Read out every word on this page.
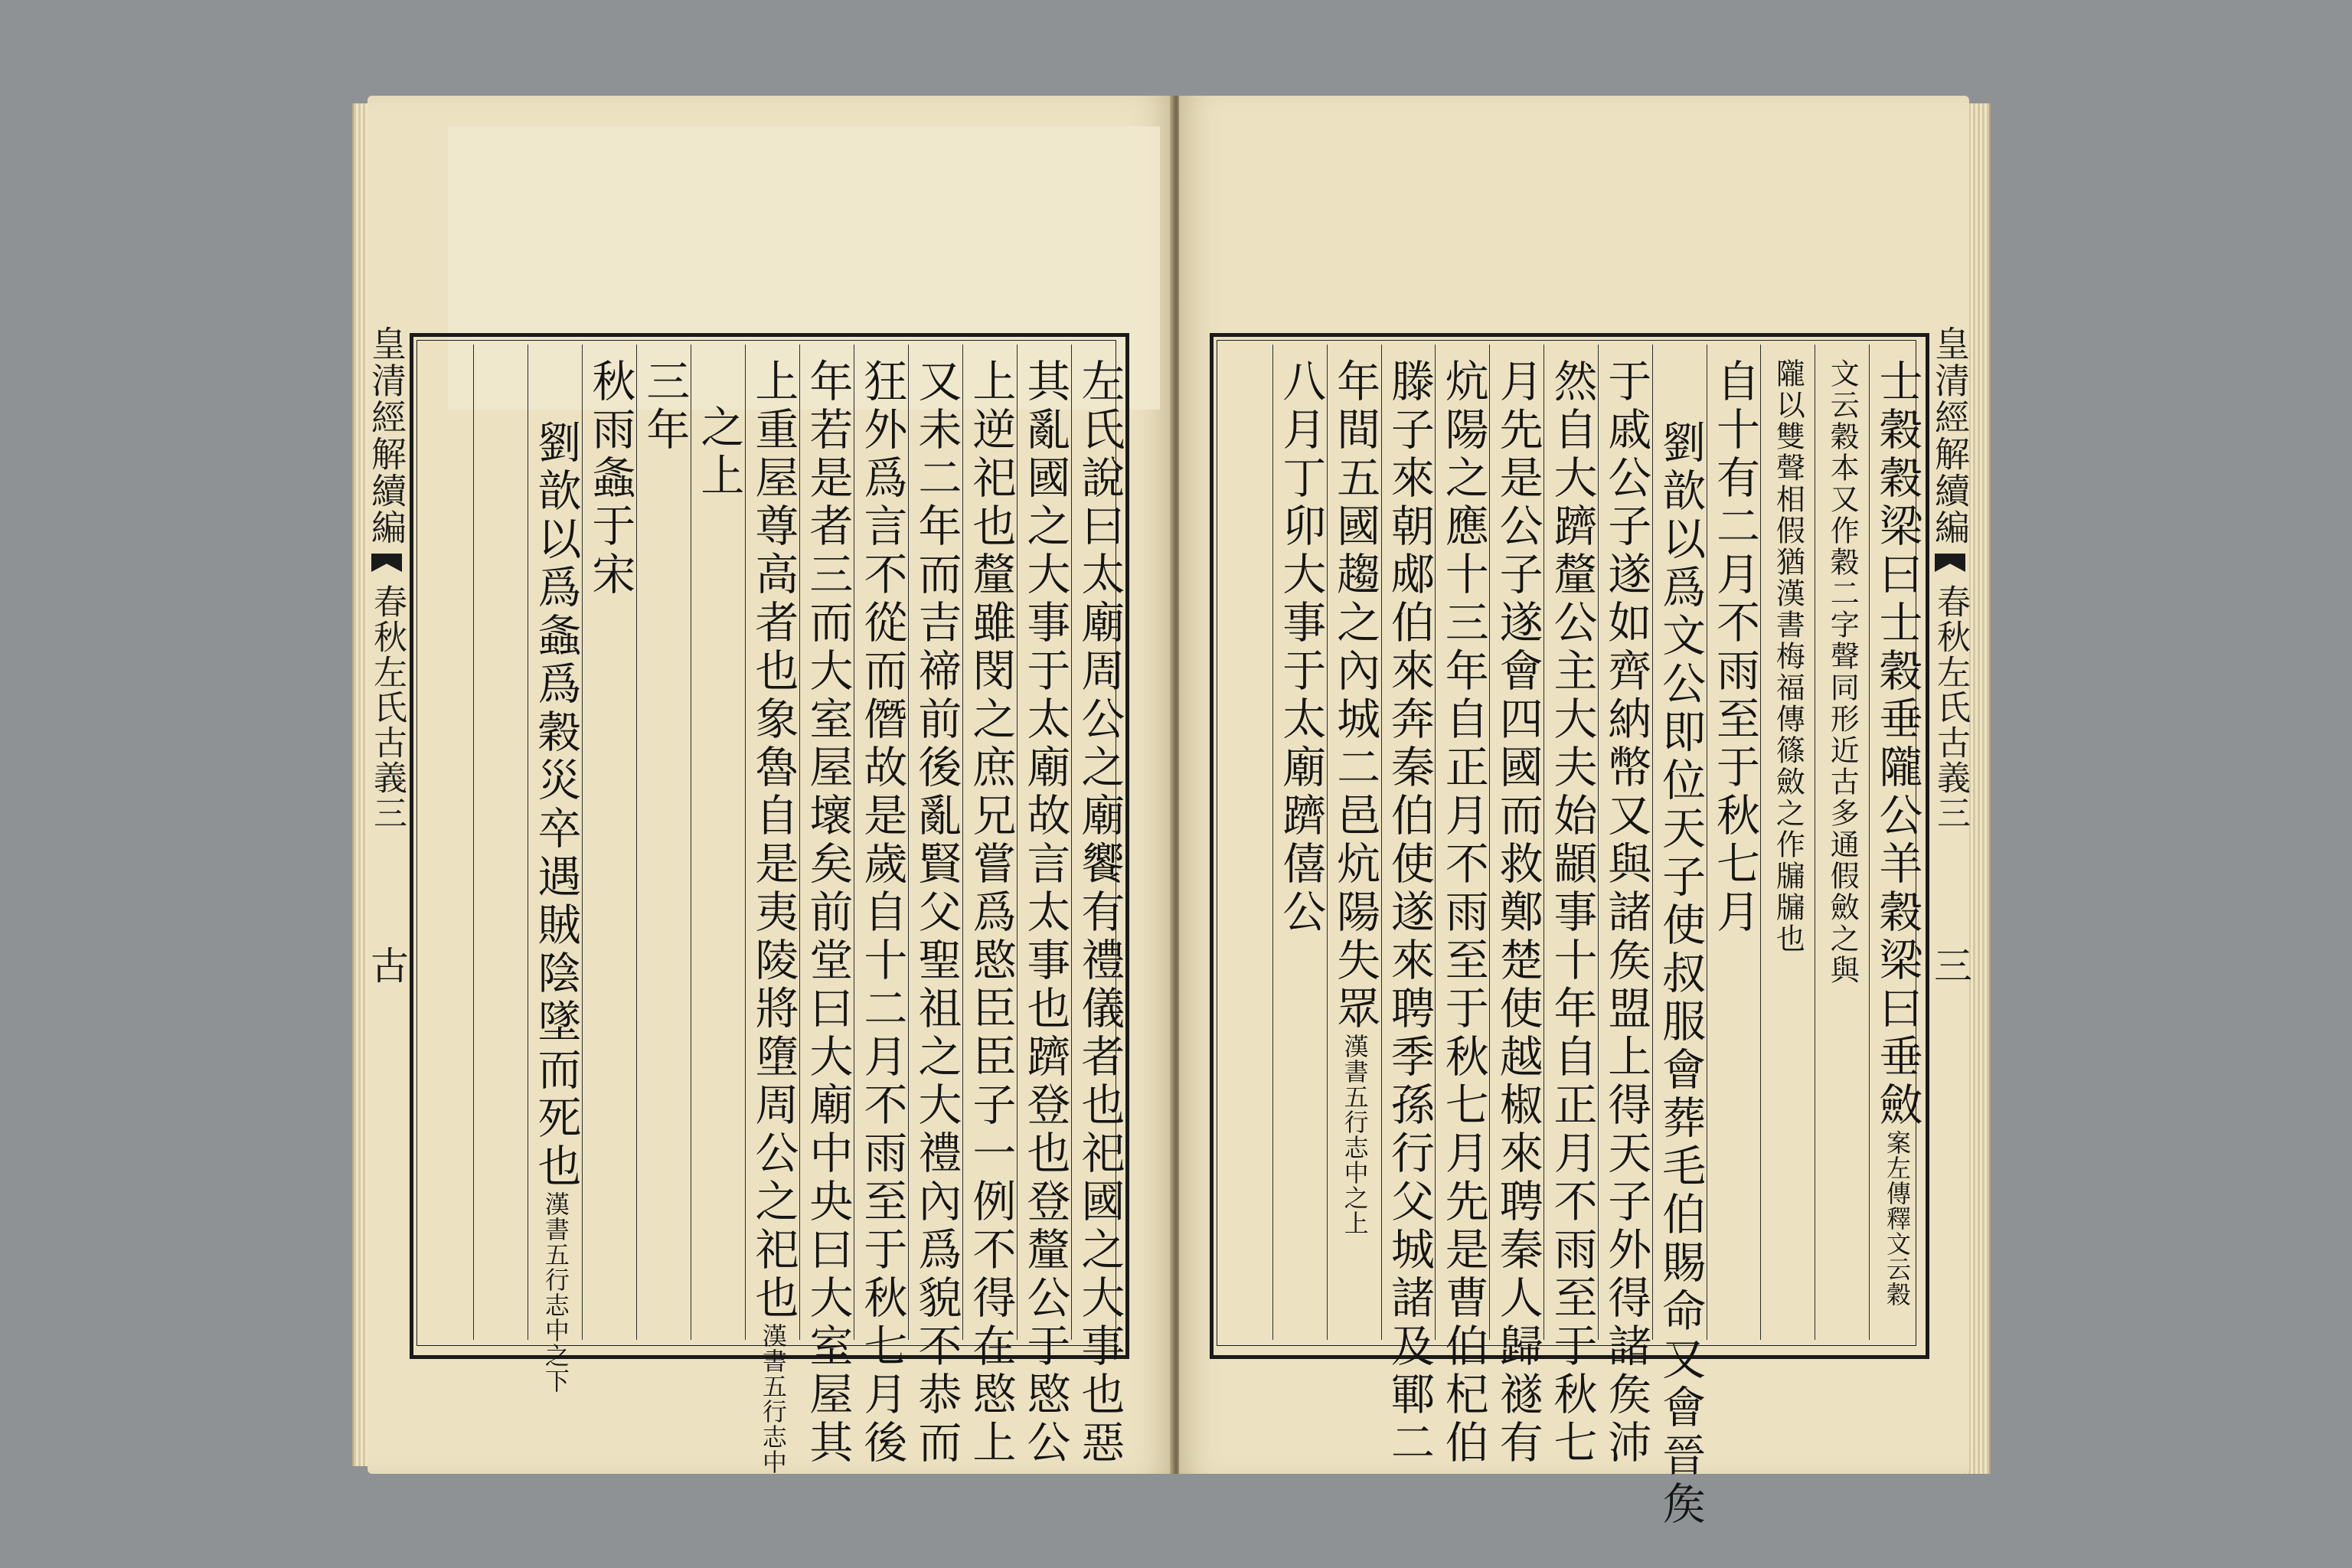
皇清經解續編
春秋左氏古義三
古	左氏說曰太廟周公之廟饗有禮儀者也祀國之大事也惡
其亂國之大事于太廟故言太事也躋登也登釐公于愍公
上逆祀也釐雖閔之庶兄嘗爲愍臣臣子一例不得在愍上
又未二年而吉禘前後亂賢父聖祖之大禮內爲貌不恭而
狂外爲言不從而僭故是歲自十二月不雨至于秋七月後
年若是者三而大室屋壞矣前堂曰大廟中央曰大室屋其
上重屋尊高者也象魯自是夷陵將墮周公之祀也漢書五行志中
之上
三年
秋雨螽于宋
劉歆以爲螽爲穀災卒遇賊陰墜而死也漢書五行志中之下
皇清經解續編
春秋左氏古義三
三
士穀穀梁曰士穀垂隴公羊穀梁曰垂斂案左傳釋文云穀
文云穀本又作穀二字聲同形近古多通假斂之與
隴以雙聲相假猶漢書梅福傳篠斂之作牖牖也
自十有二月不雨至于秋七月
劉歆以爲文公即位天子使叔服會葬毛伯賜命又會晉矦
于戚公子遂如齊納幣又與諸矦盟上得天子外得諸矦沛
然自大躋釐公主大夫始顓事十年自正月不雨至于秋七
月先是公子遂會四國而救鄭楚使越椒來聘秦人歸禭有
炕陽之應十三年自正月不雨至于秋七月先是曹伯杞伯
滕子來朝郕伯來奔秦伯使遂來聘季孫行父城諸及鄆二
年間五國趨之內城二邑炕陽失眾漢書五行志中之上
八月丁卯大事于太廟躋僖公
